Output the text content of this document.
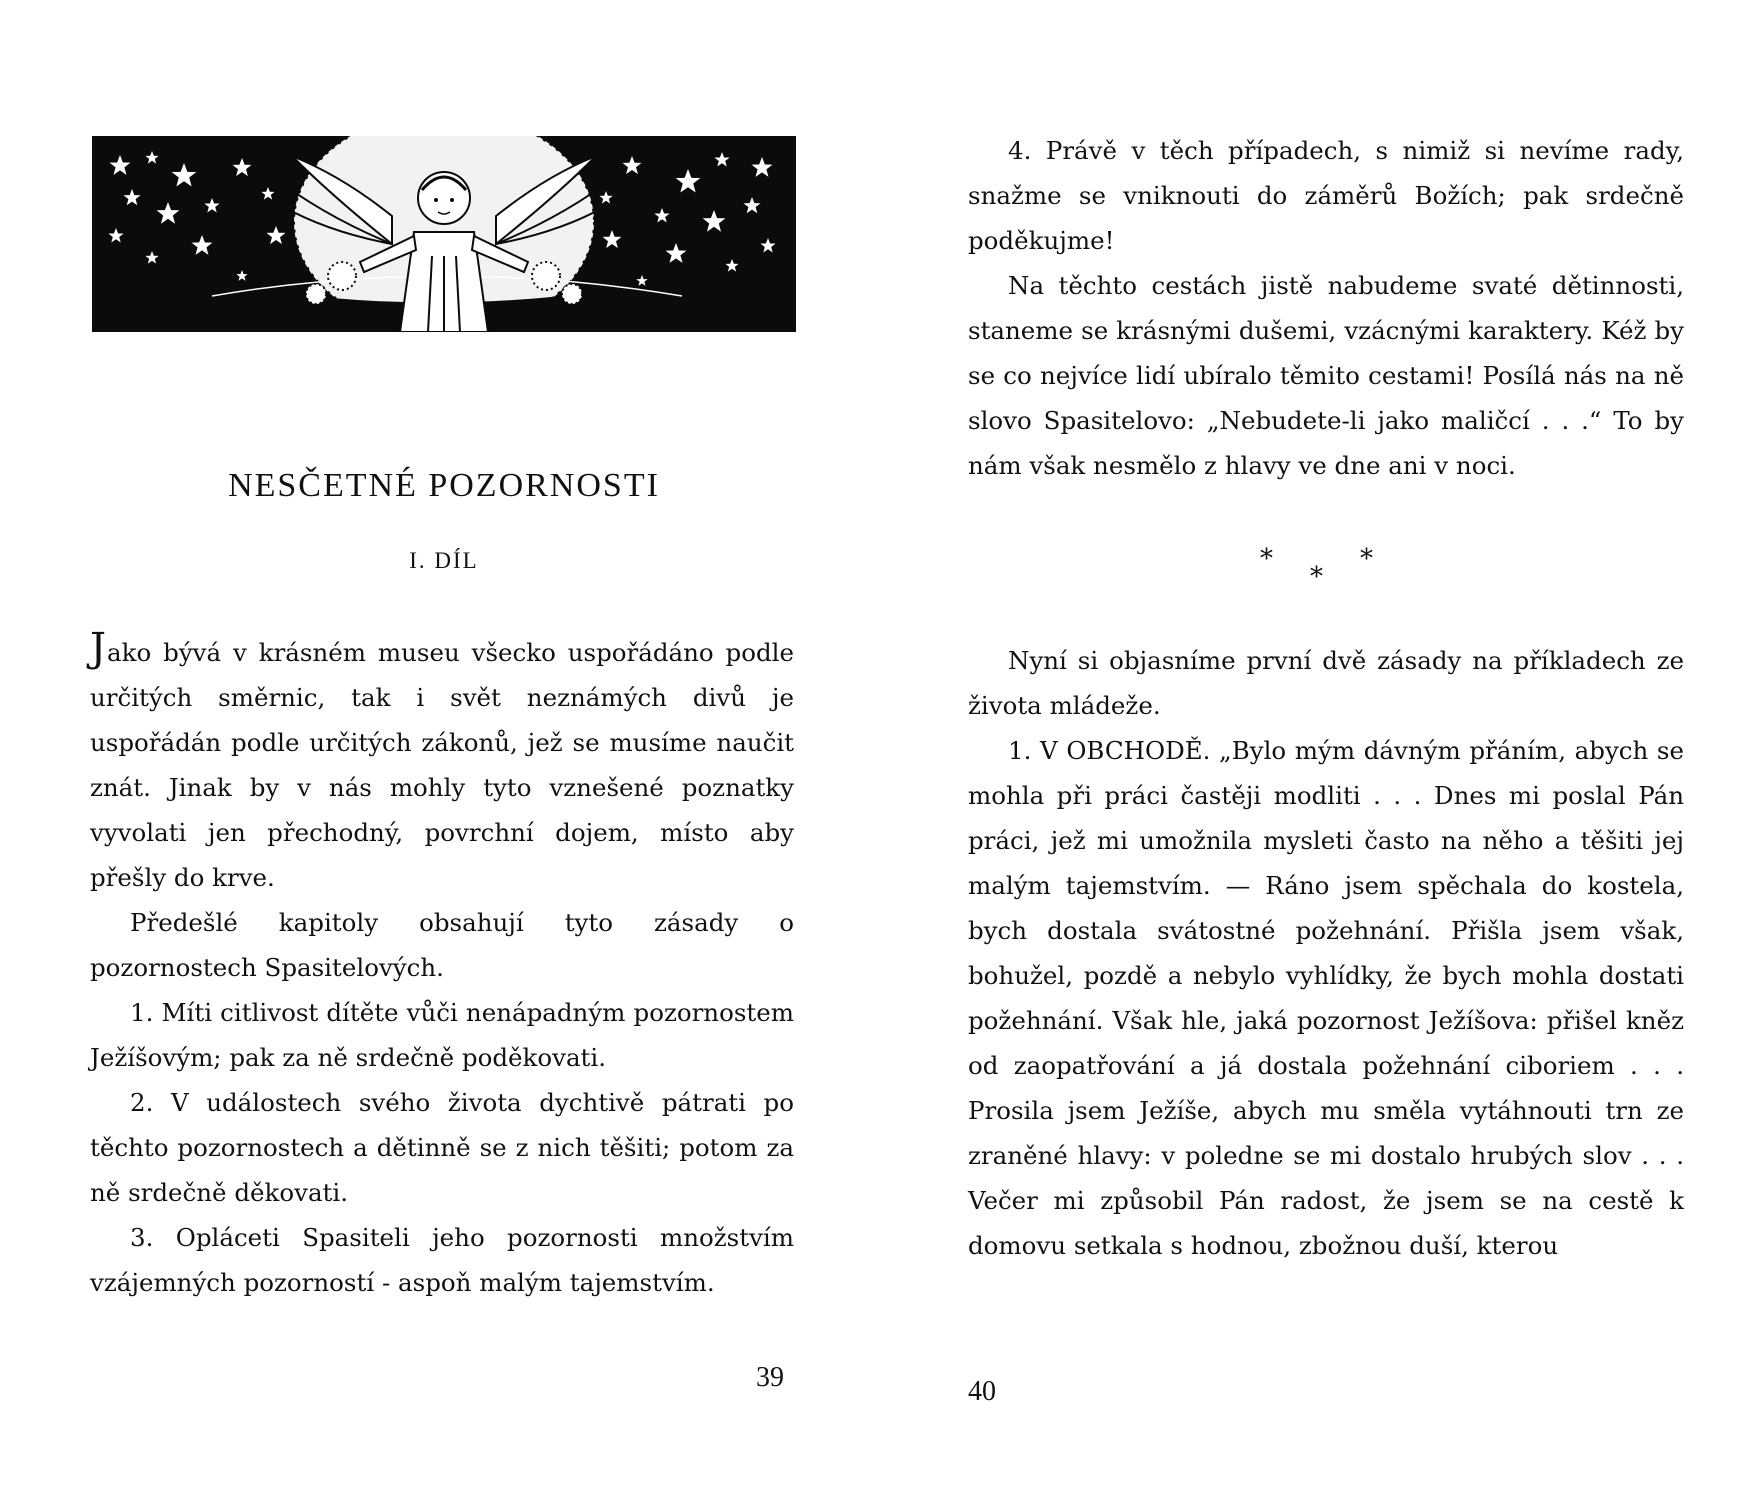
NESČETNÉ POZORNOSTI
I. DÍL

Jako bývá v krásném museu všecko uspořádáno podle určitých směrnic, tak i svět neznámých divů je uspořádán podle určitých zákonů, jež se musíme naučit znát. Jinak by v nás mohly tyto vznešené poznatky vyvolati jen přechodný, povrchní dojem, místo aby přešly do krve.

Předešlé kapitoly obsahují tyto zásady o pozornostech Spasitelových.

1. Míti citlivost dítěte vůči nenápadným pozornostem Ježíšovým; pak za ně srdečně poděkovati.

2. V událostech svého života dychtivě pátrati po těchto pozornostech a dětinně se z nich těšiti; potom za ně srdečně děkovati.

3. Opláceti Spasiteli jeho pozornosti množstvím vzájemných pozorností - aspoň malým tajemstvím.

39

4. Právě v těch případech, s nimiž si nevíme rady, snažme se vniknouti do záměrů Božích; pak srdečně poděkujme!

Na těchto cestách jistě nabudeme svaté dětinnosti, staneme se krásnými dušemi, vzácnými karaktery. Kéž by se co nejvíce lidí ubíralo těmito cestami! Posílá nás na ně slovo Spasitelovo: „Nebudete-li jako maličcí . . .“ To by nám však nesmělo z hlavy ve dne ani v noci.

*
*
*

Nyní si objasníme první dvě zásady na příkladech ze života mládeže.

1. V OBCHODĚ. „Bylo mým dávným přáním, abych se mohla při práci častěji modliti . . . Dnes mi poslal Pán práci, jež mi umožnila mysleti často na něho a těšiti jej malým tajemstvím. — Ráno jsem spěchala do kostela, bych dostala svátostné požehnání. Přišla jsem však, bohužel, pozdě a nebylo vyhlídky, že bych mohla dostati požehnání. Však hle, jaká pozornost Ježíšova: přišel kněz od zaopatřování a já dostala požehnání ciboriem . . . Prosila jsem Ježíše, abych mu směla vytáhnouti trn ze zraněné hlavy: v poledne se mi dostalo hrubých slov . . . Večer mi způsobil Pán radost, že jsem se na cestě k domovu setkala s hodnou, zbožnou duší, kterou

40
